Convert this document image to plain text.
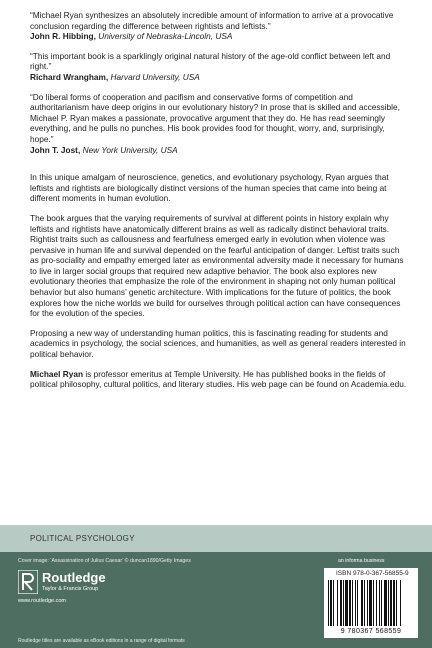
“Michael Ryan synthesizes an absolutely incredible amount of information to arrive at a provocative conclusion regarding the difference between rightists and leftists.”

John R. Hibbing, University of Nebraska-Lincoln, USA

“This important book is a sparklingly original natural history of the age-old conflict between left and right.”

Richard Wrangham, Harvard University, USA

“Do liberal forms of cooperation and pacifism and conservative forms of competition and authoritarianism have deep origins in our evolutionary history? In prose that is skilled and accessible, Michael P. Ryan makes a passionate, provocative argument that they do. He has read seemingly everything, and he pulls no punches. His book provides food for thought, worry, and, surprisingly, hope.”

John T. Jost, New York University, USA

In this unique amalgam of neuroscience, genetics, and evolutionary psychology, Ryan argues that leftists and rightists are biologically distinct versions of the human species that came into being at different moments in human evolution.

The book argues that the varying requirements of survival at different points in history explain why leftists and rightists have anatomically different brains as well as radically distinct behavioral traits. Rightist traits such as callousness and fearfulness emerged early in evolution when violence was pervasive in human life and survival depended on the fearful anticipation of danger. Leftist traits such as pro-sociality and empathy emerged later as environmental adversity made it necessary for humans to live in larger social groups that required new adaptive behavior. The book also explores new evolutionary theories that emphasize the role of the environment in shaping not only human political behavior but also humans’ genetic architecture. With implications for the future of politics, the book explores how the niche worlds we build for ourselves through political action can have consequences for the evolution of the species.

Proposing a new way of understanding human politics, this is fascinating reading for students and academics in psychology, the social sciences, and humanities, as well as general readers interested in political behavior.

Michael Ryan is professor emeritus at Temple University. He has published books in the fields of political philosophy, cultural politics, and literary studies. His web page can be found on Academia.edu.

POLITICAL PSYCHOLOGY
Cover image: ‘Assassination of Julius Caesar’ © duncan1890/Getty Images
Routledge
Taylor & Francis Group
www.routledge.com
Routledge titles are available as eBook editions in a range of digital formats
an informa business
ISBN 978-0-367-56855-9
9 780367 568559
